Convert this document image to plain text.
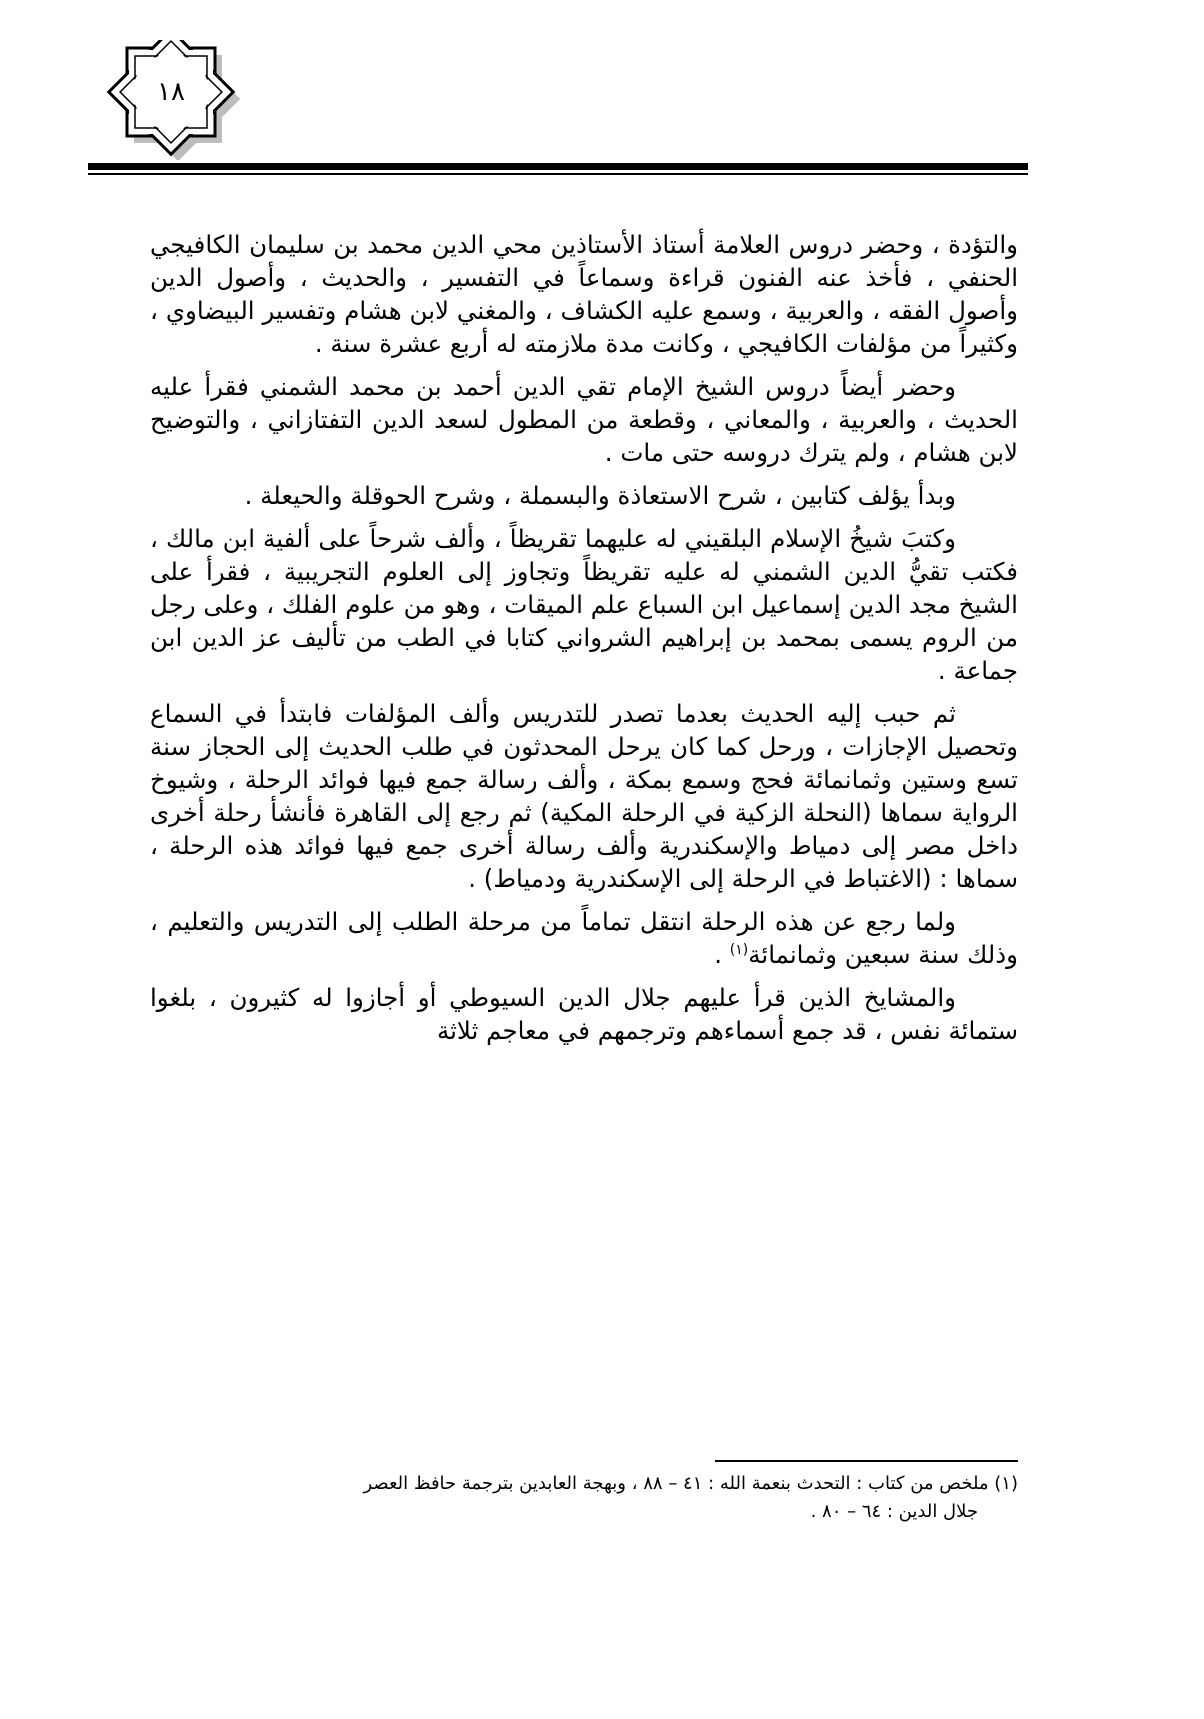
١٨

والتؤدة ، وحضر دروس العلامة أستاذ الأستاذين محي الدين محمد بن سليمان الكافيجي الحنفي ، فأخذ عنه الفنون قراءة وسماعاً في التفسير ، والحديث ، وأصول الدين وأصول الفقه ، والعربية ، وسمع عليه الكشاف ، والمغني لابن هشام وتفسير البيضاوي ، وكثيراً من مؤلفات الكافيجي ، وكانت مدة ملازمته له أربع عشرة سنة .

وحضر أيضاً دروس الشيخ الإمام تقي الدين أحمد بن محمد الشمني فقرأ عليه الحديث ، والعربية ، والمعاني ، وقطعة من المطول لسعد الدين التفتازاني ، والتوضيح لابن هشام ، ولم يترك دروسه حتى مات .

وبدأ يؤلف كتابين ، شرح الاستعاذة والبسملة ، وشرح الحوقلة والحيعلة .

وكتبَ شيخُ الإسلام البلقيني له عليهما تقريظاً ، وألف شرحاً على ألفية ابن مالك ، فكتب تقيُّ الدين الشمني له عليه تقريظاً وتجاوز إلى العلوم التجريبية ، فقرأ على الشيخ مجد الدين إسماعيل ابن السباع علم الميقات ، وهو من علوم الفلك ، وعلى رجل من الروم يسمى بمحمد بن إبراهيم الشرواني كتابا في الطب من تأليف عز الدين ابن جماعة .

ثم حبب إليه الحديث بعدما تصدر للتدريس وألف المؤلفات فابتدأ في السماع وتحصيل الإجازات ، ورحل كما كان يرحل المحدثون في طلب الحديث إلى الحجاز سنة تسع وستين وثمانمائة فحج وسمع بمكة ، وألف رسالة جمع فيها فوائد الرحلة ، وشيوخ الرواية سماها (النحلة الزكية في الرحلة المكية) ثم رجع إلى القاهرة فأنشأ رحلة أخرى داخل مصر إلى دمياط والإسكندرية وألف رسالة أخرى جمع فيها فوائد هذه الرحلة ، سماها : (الاغتباط في الرحلة إلى الإسكندرية ودمياط) .

ولما رجع عن هذه الرحلة انتقل تماماً من مرحلة الطلب إلى التدريس والتعليم ، وذلك سنة سبعين وثمانمائة$^{(١)}$ .

والمشايخ الذين قرأ عليهم جلال الدين السيوطي أو أجازوا له كثيرون ، بلغوا ستمائة نفس ، قد جمع أسماءهم وترجمهم في معاجم ثلاثة

(١) ملخص من كتاب : التحدث بنعمة الله : ٤١ – ٨٨ ، وبهجة العابدين بترجمة حافظ العصر

جلال الدين : ٦٤ – ٨٠ .
